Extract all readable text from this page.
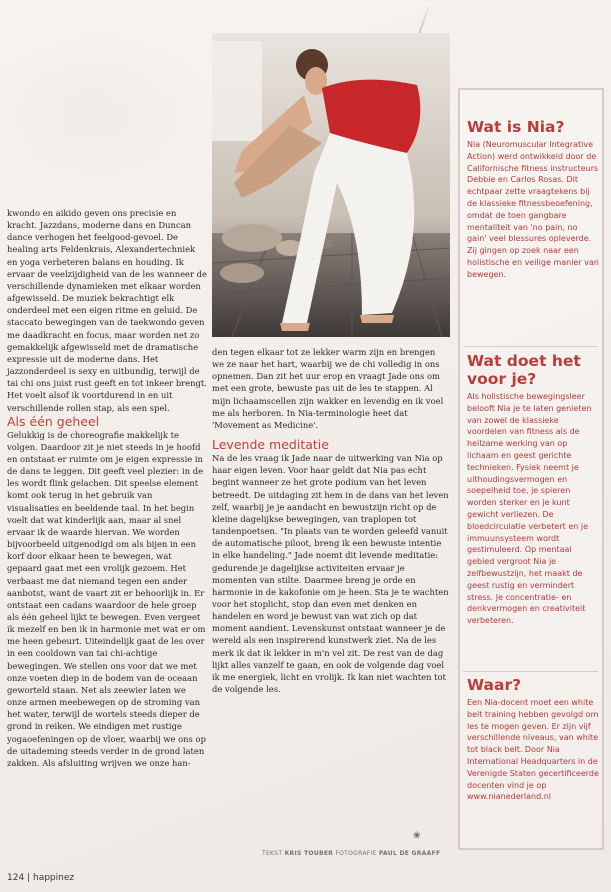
kwondo en aikido geven ons precisie en kracht. Jazzdans, moderne dans en Duncan dance verhogen het feelgood-gevoel. De healing arts Feldenkrais, Alexandertechniek en yoga verbeteren balans en houding. Ik ervaar de veelzijdigheid van de les wanneer de verschillende dynamieken met elkaar worden afgewisseld. De muziek bekrachtigt elk onderdeel met een eigen ritme en geluid. De staccato bewegingen van de taekwondo geven me daadkracht en focus, maar worden net zo gemakkelijk afgewisseld met de dramatische expressie uit de moderne dans. Het jazzonderdeel is sexy en uitbundig, terwijl de tai chi ons juist rust geeft en tot inkeer brengt. Het voelt alsof ik voortdurend in en uit verschillende rollen stap, als een spel.

Als één geheel

Gelukkig is de choreografie makkelijk te volgen. Daardoor zit je niet steeds in je hoofd en ontstaat er ruimte om je eigen expressie in de dans te leggen. Dit geeft veel plezier: in de les wordt flink gelachen. Dit speelse element komt ook terug in het gebruik van visualisaties en beeldende taal. In het begin voelt dat wat kinderlijk aan, maar al snel ervaar ik de waarde hiervan. We worden bijvoorbeeld uitgenodigd om als bijen in een korf door elkaar heen te bewegen, wat gepaard gaat met een vrolijk gezoem. Het verbaast me dat niemand tegen een ander aanbotst, want de vaart zit er behoorlijk in. Er ontstaat een cadans waardoor de hele groep als één geheel lijkt te bewegen. Even vergeet ik mezelf en ben ik in harmonie met wat er om me heen gebeurt. Uiteindelijk gaat de les over in een cooldown van tai chi-achtige bewegingen. We stellen ons voor dat we met onze voeten diep in de bodem van de oceaan geworteld staan. Net als zeewier laten we onze armen meebewegen op de stroming van het water, terwijl de wortels steeds dieper de grond in reiken. We eindigen met rustige yogaoefeningen op de vloer, waarbij we ons op de uitademing steeds verder in de grond laten zakken. Als afsluiting wrijven we onze han-

den tegen elkaar tot ze lekker warm zijn en brengen we ze naar het hart, waarbij we de chi volledig in ons opnemen. Dan zit het uur erop en vraagt Jade ons om met een grote, bewuste pas uit de les te stappen. Al mijn lichaamscellen zijn wakker en levendig en ik voel me als herboren. In Nia-terminologie heet dat 'Movement as Medicine'.

Levende meditatie

Na de les vraag ik Jade naar de uitwerking van Nia op haar eigen leven. Voor haar geldt dat Nia pas echt begint wanneer ze het grote podium van het leven betreedt. De uitdaging zit hem in de dans van het leven zelf, waarbij je je aandacht en bewustzijn richt op de kleine dagelijkse bewegingen, van traplopen tot tandenpoetsen. "In plaats van te worden geleefd vanuit de automatische piloot, breng ik een bewuste intentie in elke handeling." Jade noemt dit levende meditatie: gedurende je dagelijkse activiteiten ervaar je momenten van stilte. Daarmee breng je orde en harmonie in de kakofonie om je heen. Sta je te wachten voor het stoplicht, stop dan even met denken en handelen en word je bewust van wat zich op dat moment aandient. Levenskunst ontstaat wanneer je de wereld als een inspirerend kunstwerk ziet. Na de les merk ik dat ik lekker in m'n vel zit. De rest van de dag lijkt alles vanzelf te gaan, en ook de volgende dag voel ik me energiek, licht en vrolijk. Ik kan niet wachten tot de volgende les.

❀
Wat is Nia?

Nia (Neuromuscular Integrative Action) werd ontwikkeld door de Californische fitness instructeurs Debbie en Carlos Rosas. Dit echtpaar zette vraagtekens bij de klassieke fitnessbeoefening, omdat de toen gangbare mentaliteit van 'no pain, no gain' veel blessures opleverde. Zij gingen op zoek naar een holistische en veilige manier van bewegen.

Wat doet het voor je?

Als holistische bewegingsleer belooft Nia je te laten genieten van zowel de klassieke voordelen van fitness als de heilzame werking van op lichaam en geest gerichte technieken. Fysiek neemt je uithoudingsvermogen en soepelheid toe, je spieren worden sterker en je kunt gewicht verliezen. De bloedcirculatie verbetert en je immuunsysteem wordt gestimuleerd. Op mentaal gebied vergroot Nia je zelfbewustzijn, het maakt de geest rustig en vermindert stress. Je concentratie- en denkvermogen en creativiteit verbeteren.

Waar?

Een Nia-docent moet een white belt training hebben gevolgd om les te mogen geven. Er zijn vijf verschillende niveaus, van white tot black belt. Door Nia International Headquarters in de Verenigde Staten gecertificeerde docenten vind je op www.nianederland.nl

TEKST KRIS TOUBER FOTOGRAFIE PAUL DE GRAAFF
124 | happinez
